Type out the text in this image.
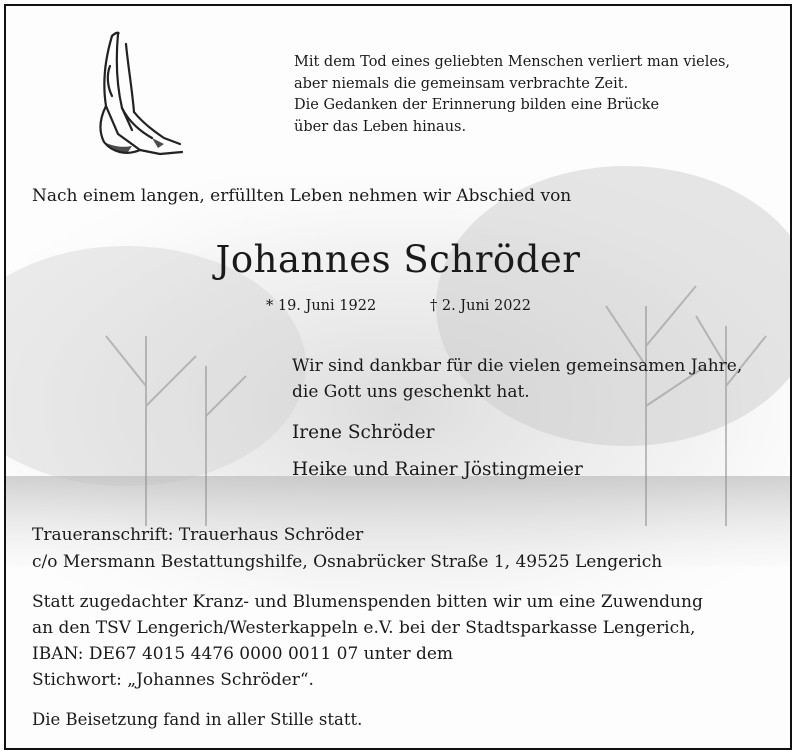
Mit dem Tod eines geliebten Menschen verliert man vieles,
aber niemals die gemeinsam verbrachte Zeit.
Die Gedanken der Erinnerung bilden eine Brücke
über das Leben hinaus.
Nach einem langen, erfüllten Leben nehmen wir Abschied von
Johannes Schröder
* 19. Juni 1922	† 2. Juni 2022
Wir sind dankbar für die vielen gemeinsamen Jahre,
die Gott uns geschenkt hat.
Irene Schröder
Heike und Rainer Jöstingmeier
Traueranschrift: Trauerhaus Schröder
c/o Mersmann Bestattungshilfe, Osnabrücker Straße 1, 49525 Lengerich
Statt zugedachter Kranz- und Blumenspenden bitten wir um eine Zuwendung
an den TSV Lengerich/Westerkappeln e.V. bei der Stadtsparkasse Lengerich,
IBAN: DE67 4015 4476 0000 0011 07 unter dem
Stichwort: „Johannes Schröder“.
Die Beisetzung fand in aller Stille statt.
